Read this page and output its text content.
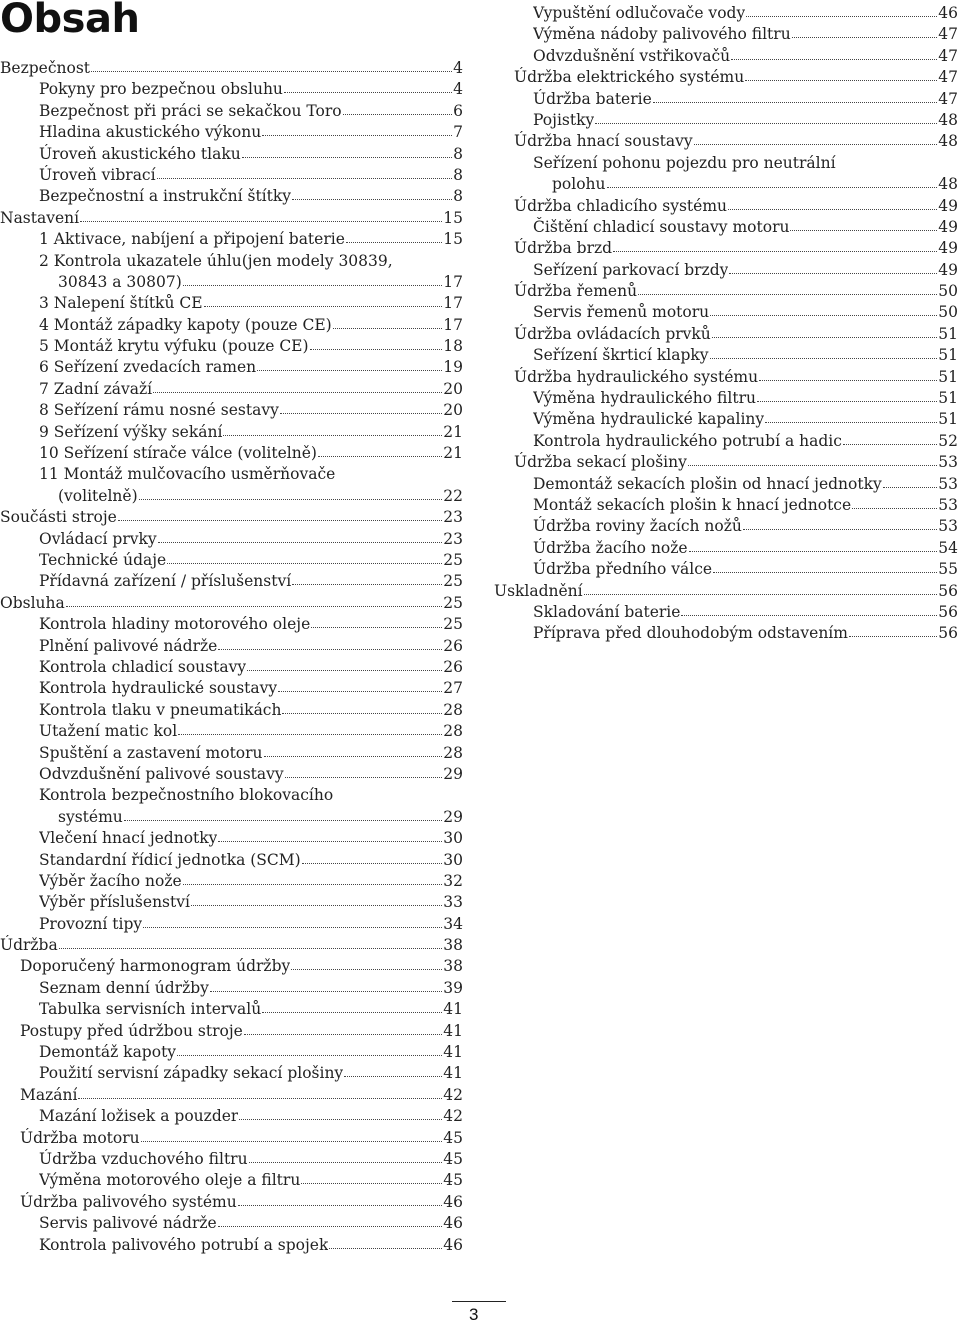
Obsah
Bezpečnost	4
Pokyny pro bezpečnou obsluhu	4
Bezpečnost při práci se sekačkou Toro	6
Hladina akustického výkonu	7
Úroveň akustického tlaku	8
Úroveň vibrací	8
Bezpečnostní a instrukční štítky	8
Nastavení	15
1 Aktivace, nabíjení a připojení baterie	15
2 Kontrola ukazatele úhlu(jen modely 30839,
30843 a 30807)	17
3 Nalepení štítků CE	17
4 Montáž západky kapoty (pouze CE)	17
5 Montáž krytu výfuku (pouze CE)	18
6 Seřízení zvedacích ramen	19
7 Zadní závaží	20
8 Seřízení rámu nosné sestavy	20
9 Seřízení výšky sekání	21
10 Seřízení stírače válce (volitelně)	21
11 Montáž mulčovacího usměrňovače
(volitelně)	22
Součásti stroje	23
Ovládací prvky	23
Technické údaje	25
Přídavná zařízení / příslušenství	25
Obsluha	25
Kontrola hladiny motorového oleje	25
Plnění palivové nádrže	26
Kontrola chladicí soustavy	26
Kontrola hydraulické soustavy	27
Kontrola tlaku v pneumatikách	28
Utažení matic kol	28
Spuštění a zastavení motoru	28
Odvzdušnění palivové soustavy	29
Kontrola bezpečnostního blokovacího
systému	29
Vlečení hnací jednotky	30
Standardní řídicí jednotka (SCM)	30
Výběr žacího nože	32
Výběr příslušenství	33
Provozní tipy	34
Údržba	38
Doporučený harmonogram údržby	38
Seznam denní údržby	39
Tabulka servisních intervalů	41
Postupy před údržbou stroje	41
Demontáž kapoty	41
Použití servisní západky sekací plošiny	41
Mazání	42
Mazání ložisek a pouzder	42
Údržba motoru	45
Údržba vzduchového filtru	45
Výměna motorového oleje a filtru	45
Údržba palivového systému	46
Servis palivové nádrže	46
Kontrola palivového potrubí a spojek	46
Vypuštění odlučovače vody	46
Výměna nádoby palivového filtru	47
Odvzdušnění vstřikovačů	47
Údržba elektrického systému	47
Údržba baterie	47
Pojistky	48
Údržba hnací soustavy	48
Seřízení pohonu pojezdu pro neutrální
polohu	48
Údržba chladicího systému	49
Čištění chladicí soustavy motoru	49
Údržba brzd	49
Seřízení parkovací brzdy	49
Údržba řemenů	50
Servis řemenů motoru	50
Údržba ovládacích prvků	51
Seřízení škrticí klapky	51
Údržba hydraulického systému	51
Výměna hydraulického filtru	51
Výměna hydraulické kapaliny	51
Kontrola hydraulického potrubí a hadic	52
Údržba sekací plošiny	53
Demontáž sekacích plošin od hnací jednotky	53
Montáž sekacích plošin k hnací jednotce	53
Údržba roviny žacích nožů	53
Údržba žacího nože	54
Údržba předního válce	55
Uskladnění	56
Skladování baterie	56
Příprava před dlouhodobým odstavením	56
3
